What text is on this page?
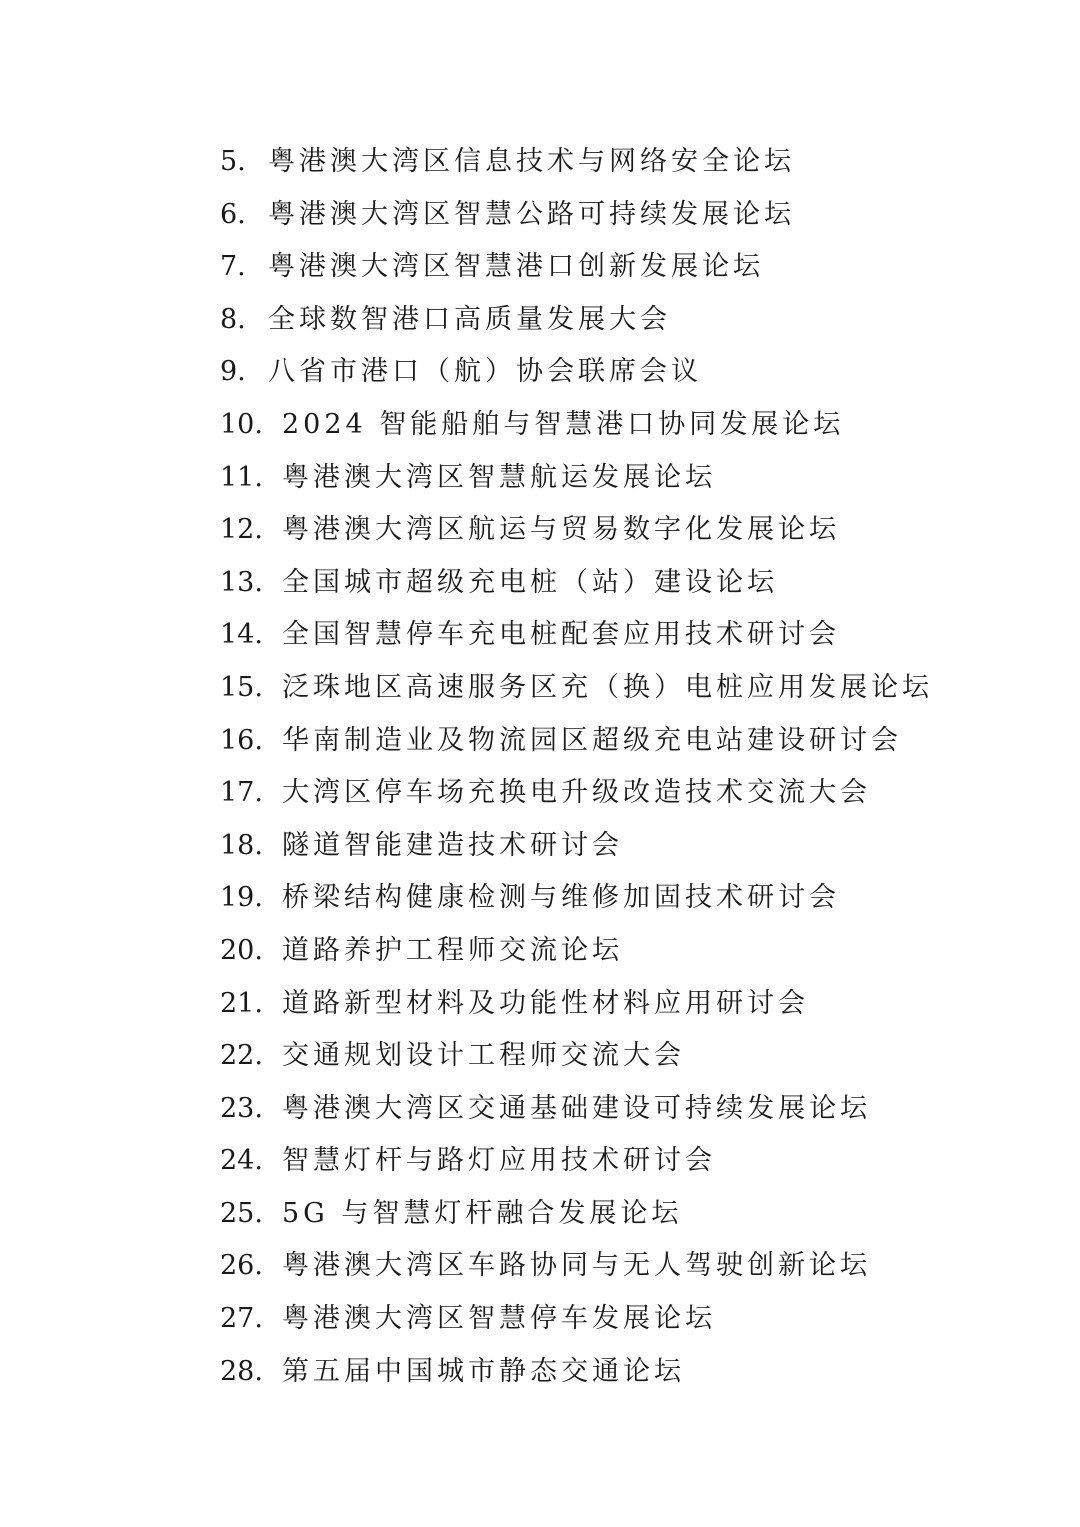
5. 粤港澳大湾区信息技术与网络安全论坛
6. 粤港澳大湾区智慧公路可持续发展论坛
7. 粤港澳大湾区智慧港口创新发展论坛
8. 全球数智港口高质量发展大会
9. 八省市港口（航）协会联席会议
10. 2024 智能船舶与智慧港口协同发展论坛
11. 粤港澳大湾区智慧航运发展论坛
12. 粤港澳大湾区航运与贸易数字化发展论坛
13. 全国城市超级充电桩（站）建设论坛
14. 全国智慧停车充电桩配套应用技术研讨会
15. 泛珠地区高速服务区充（换）电桩应用发展论坛
16. 华南制造业及物流园区超级充电站建设研讨会
17. 大湾区停车场充换电升级改造技术交流大会
18. 隧道智能建造技术研讨会
19. 桥梁结构健康检测与维修加固技术研讨会
20. 道路养护工程师交流论坛
21. 道路新型材料及功能性材料应用研讨会
22. 交通规划设计工程师交流大会
23. 粤港澳大湾区交通基础建设可持续发展论坛
24. 智慧灯杆与路灯应用技术研讨会
25. 5G 与智慧灯杆融合发展论坛
26. 粤港澳大湾区车路协同与无人驾驶创新论坛
27. 粤港澳大湾区智慧停车发展论坛
28. 第五届中国城市静态交通论坛
